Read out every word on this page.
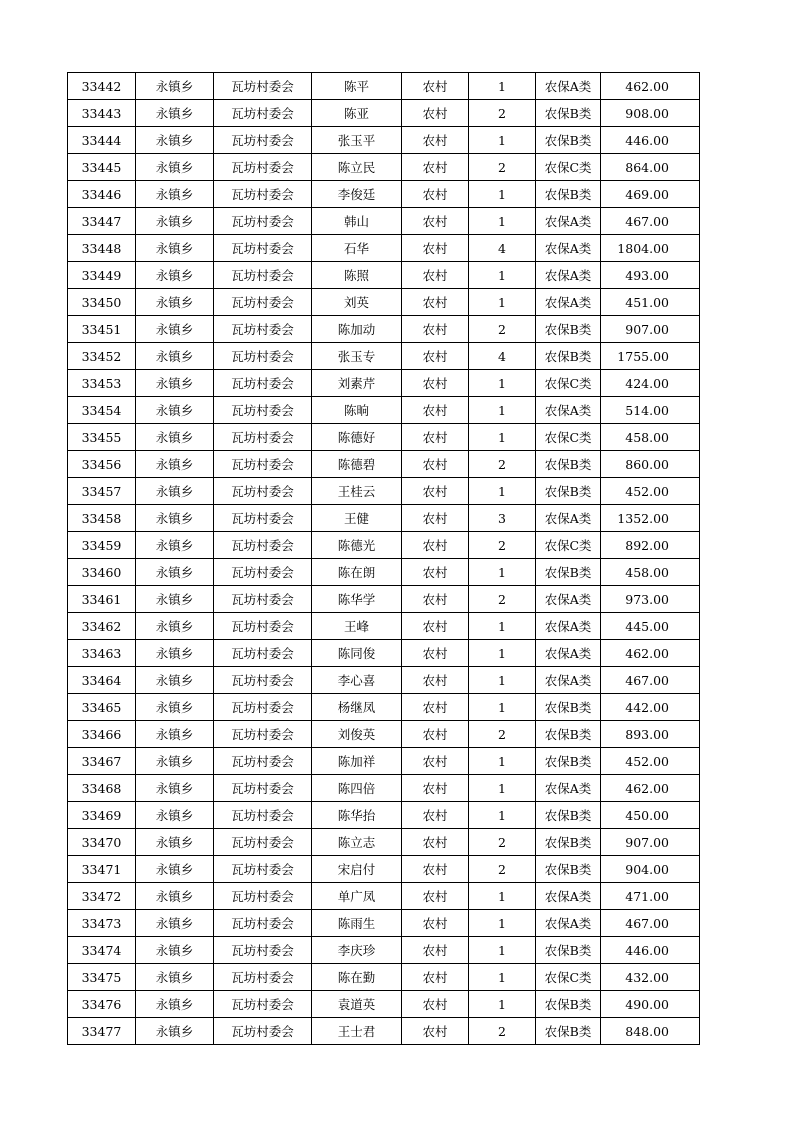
33442	永镇乡	瓦坊村委会	陈平	农村	1	农保A类	462.00
33443	永镇乡	瓦坊村委会	陈亚	农村	2	农保B类	908.00
33444	永镇乡	瓦坊村委会	张玉平	农村	1	农保B类	446.00
33445	永镇乡	瓦坊村委会	陈立民	农村	2	农保C类	864.00
33446	永镇乡	瓦坊村委会	李俊廷	农村	1	农保B类	469.00
33447	永镇乡	瓦坊村委会	韩山	农村	1	农保A类	467.00
33448	永镇乡	瓦坊村委会	石华	农村	4	农保A类	1804.00
33449	永镇乡	瓦坊村委会	陈照	农村	1	农保A类	493.00
33450	永镇乡	瓦坊村委会	刘英	农村	1	农保A类	451.00
33451	永镇乡	瓦坊村委会	陈加动	农村	2	农保B类	907.00
33452	永镇乡	瓦坊村委会	张玉专	农村	4	农保B类	1755.00
33453	永镇乡	瓦坊村委会	刘素芹	农村	1	农保C类	424.00
33454	永镇乡	瓦坊村委会	陈晌	农村	1	农保A类	514.00
33455	永镇乡	瓦坊村委会	陈德好	农村	1	农保C类	458.00
33456	永镇乡	瓦坊村委会	陈德碧	农村	2	农保B类	860.00
33457	永镇乡	瓦坊村委会	王桂云	农村	1	农保B类	452.00
33458	永镇乡	瓦坊村委会	王健	农村	3	农保A类	1352.00
33459	永镇乡	瓦坊村委会	陈德光	农村	2	农保C类	892.00
33460	永镇乡	瓦坊村委会	陈在朗	农村	1	农保B类	458.00
33461	永镇乡	瓦坊村委会	陈华学	农村	2	农保A类	973.00
33462	永镇乡	瓦坊村委会	王峰	农村	1	农保A类	445.00
33463	永镇乡	瓦坊村委会	陈同俊	农村	1	农保A类	462.00
33464	永镇乡	瓦坊村委会	李心喜	农村	1	农保A类	467.00
33465	永镇乡	瓦坊村委会	杨继凤	农村	1	农保B类	442.00
33466	永镇乡	瓦坊村委会	刘俊英	农村	2	农保B类	893.00
33467	永镇乡	瓦坊村委会	陈加祥	农村	1	农保B类	452.00
33468	永镇乡	瓦坊村委会	陈四倍	农村	1	农保A类	462.00
33469	永镇乡	瓦坊村委会	陈华抬	农村	1	农保B类	450.00
33470	永镇乡	瓦坊村委会	陈立志	农村	2	农保B类	907.00
33471	永镇乡	瓦坊村委会	宋启付	农村	2	农保B类	904.00
33472	永镇乡	瓦坊村委会	单广凤	农村	1	农保A类	471.00
33473	永镇乡	瓦坊村委会	陈雨生	农村	1	农保A类	467.00
33474	永镇乡	瓦坊村委会	李庆珍	农村	1	农保B类	446.00
33475	永镇乡	瓦坊村委会	陈在勤	农村	1	农保C类	432.00
33476	永镇乡	瓦坊村委会	袁道英	农村	1	农保B类	490.00
33477	永镇乡	瓦坊村委会	王士君	农村	2	农保B类	848.00
